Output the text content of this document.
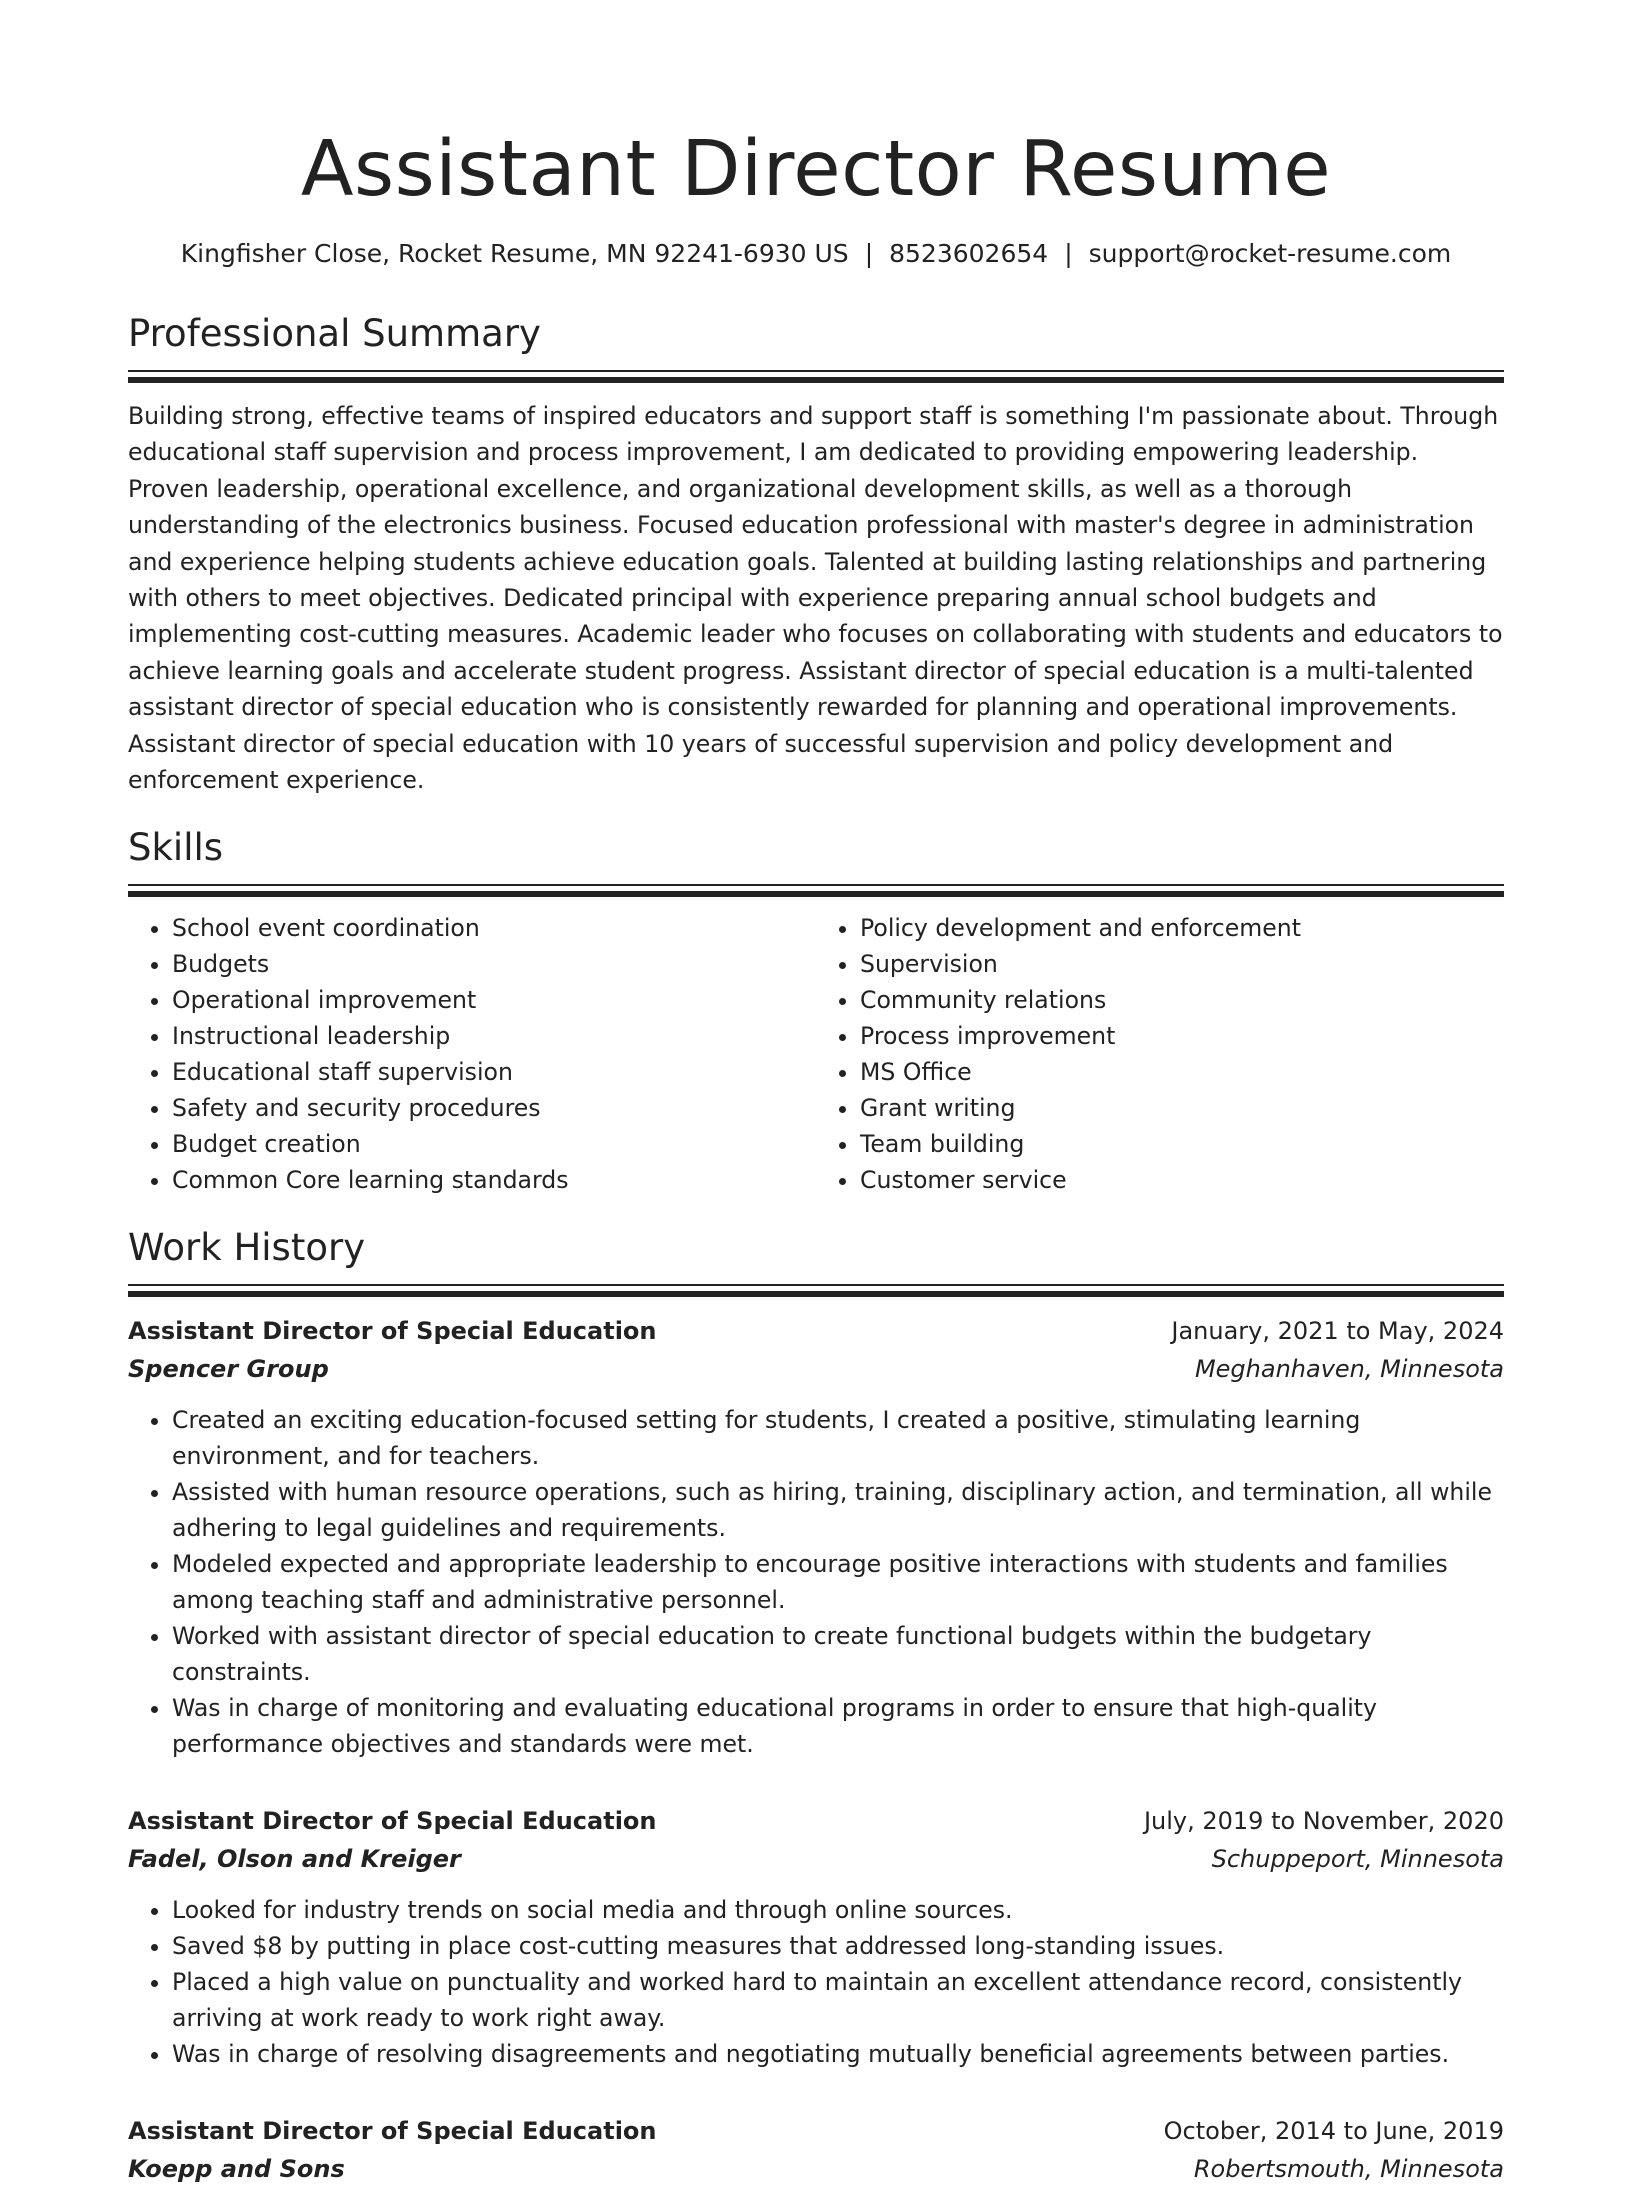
Assistant Director Resume
Kingfisher Close, Rocket Resume, MN 92241-6930 US | 8523602654 | support@rocket-resume.com
Professional Summary
Building strong, effective teams of inspired educators and support staff is something I'm passionate about. Through educational staff supervision and process improvement, I am dedicated to providing empowering leadership. Proven leadership, operational excellence, and organizational development skills, as well as a thorough understanding of the electronics business. Focused education professional with master's degree in administration and experience helping students achieve education goals. Talented at building lasting relationships and partnering with others to meet objectives. Dedicated principal with experience preparing annual school budgets and implementing cost-cutting measures. Academic leader who focuses on collaborating with students and educators to achieve learning goals and accelerate student progress. Assistant director of special education is a multi-talented assistant director of special education who is consistently rewarded for planning and operational improvements. Assistant director of special education with 10 years of successful supervision and policy development and enforcement experience.
Skills
• School event coordination
• Budgets
• Operational improvement
• Instructional leadership
• Educational staff supervision
• Safety and security procedures
• Budget creation
• Common Core learning standards
• Policy development and enforcement
• Supervision
• Community relations
• Process improvement
• MS Office
• Grant writing
• Team building
• Customer service
Work History
Assistant Director of Special Education	January, 2021 to May, 2024
Spencer Group	Meghanhaven, Minnesota
• Created an exciting education-focused setting for students, I created a positive, stimulating learning environment, and for teachers.
• Assisted with human resource operations, such as hiring, training, disciplinary action, and termination, all while adhering to legal guidelines and requirements.
• Modeled expected and appropriate leadership to encourage positive interactions with students and families among teaching staff and administrative personnel.
• Worked with assistant director of special education to create functional budgets within the budgetary constraints.
• Was in charge of monitoring and evaluating educational programs in order to ensure that high-quality performance objectives and standards were met.
Assistant Director of Special Education	July, 2019 to November, 2020
Fadel, Olson and Kreiger	Schuppeport, Minnesota
• Looked for industry trends on social media and through online sources.
• Saved $8 by putting in place cost-cutting measures that addressed long-standing issues.
• Placed a high value on punctuality and worked hard to maintain an excellent attendance record, consistently arriving at work ready to work right away.
• Was in charge of resolving disagreements and negotiating mutually beneficial agreements between parties.
Assistant Director of Special Education	October, 2014 to June, 2019
Koepp and Sons	Robertsmouth, Minnesota
